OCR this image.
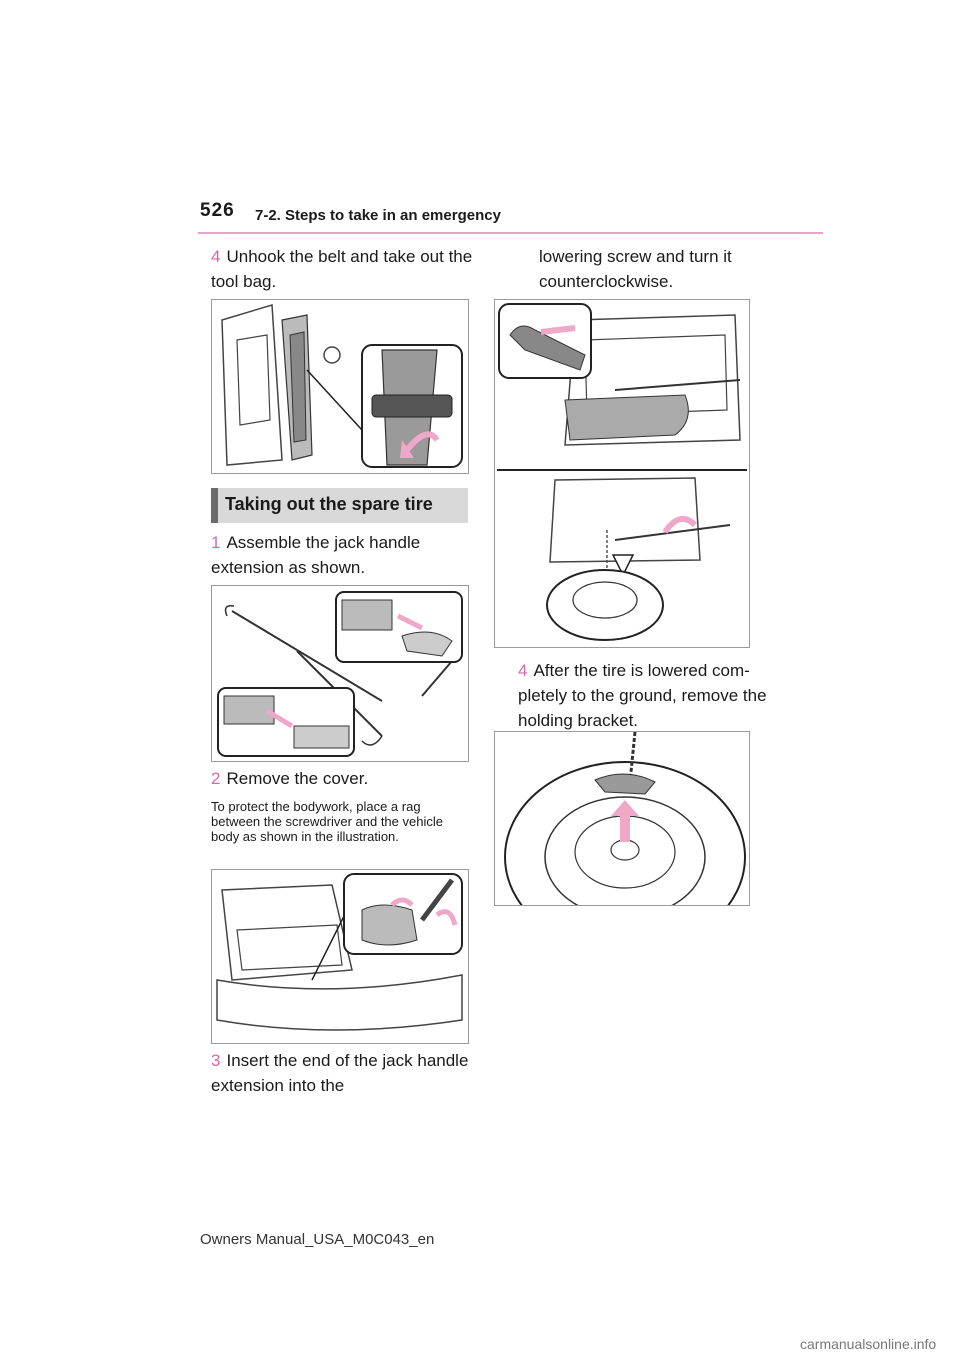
526 7-2. Steps to take in an emergency
4 Unhook the belt and take out the tool bag.
Taking out the spare tire
1 Assemble the jack handle extension as shown.
2 Remove the cover.
To protect the bodywork, place a rag between the screwdriver and the vehicle body as shown in the illustration.
3 Insert the end of the jack handle extension into the
lowering screw and turn it counterclockwise.
4 After the tire is lowered com-pletely to the ground, remove the holding bracket.
Owners Manual_USA_M0C043_en
carmanualsonline.info
